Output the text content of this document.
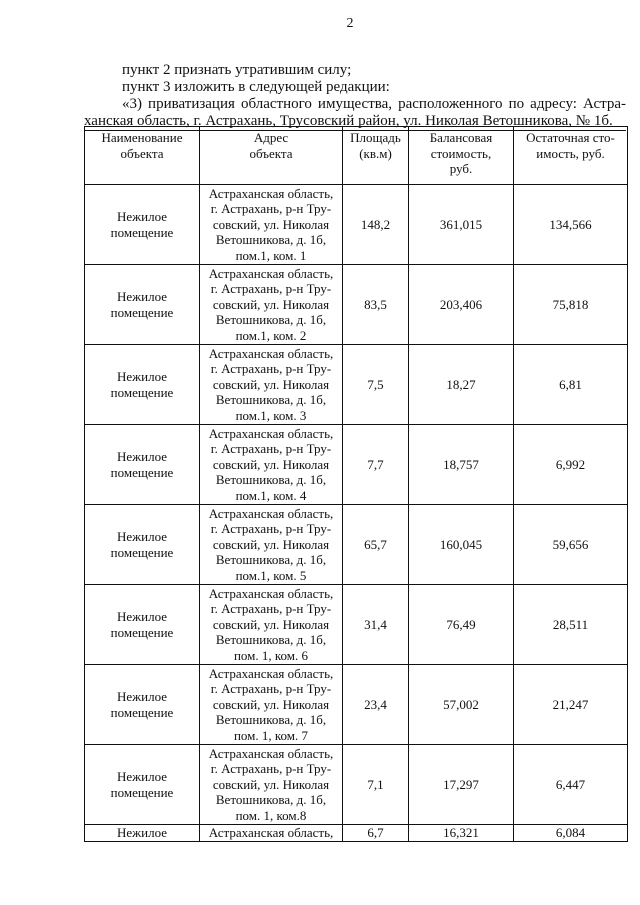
2

пункт 2 признать утратившим силу;

пункт 3 изложить в следующей редакции:

«3) приватизация областного имущества, расположенного по адресу: Астра-

ханская область, г. Астрахань, Трусовский район, ул. Николая Ветошникова, № 1б.

Наименование
объекта	Адрес
объекта	Площадь
(кв.м)	Балансовая
стоимость,
руб.	Остаточная сто-
имость, руб.

Нежилое
помещение	Астраханская область,
г. Астрахань, р-н Тру-
совский, ул. Николая
Ветошникова, д. 1б,
пом.1, ком. 1	148,2	361,015	134,566

Нежилое
помещение	Астраханская область,
г. Астрахань, р-н Тру-
совский, ул. Николая
Ветошникова, д. 1б,
пом.1, ком. 2	83,5	203,406	75,818

Нежилое
помещение	Астраханская область,
г. Астрахань, р-н Тру-
совский, ул. Николая
Ветошникова, д. 1б,
пом.1, ком. 3	7,5	18,27	6,81

Нежилое
помещение	Астраханская область,
г. Астрахань, р-н Тру-
совский, ул. Николая
Ветошникова, д. 1б,
пом.1, ком. 4	7,7	18,757	6,992

Нежилое
помещение	Астраханская область,
г. Астрахань, р-н Тру-
совский, ул. Николая
Ветошникова, д. 1б,
пом.1, ком. 5	65,7	160,045	59,656

Нежилое
помещение	Астраханская область,
г. Астрахань, р-н Тру-
совский, ул. Николая
Ветошникова, д. 1б,
пом. 1, ком. 6	31,4	76,49	28,511

Нежилое
помещение	Астраханская область,
г. Астрахань, р-н Тру-
совский, ул. Николая
Ветошникова, д. 1б,
пом. 1, ком. 7	23,4	57,002	21,247

Нежилое
помещение	Астраханская область,
г. Астрахань, р-н Тру-
совский, ул. Николая
Ветошникова, д. 1б,
пом. 1, ком.8	7,1	17,297	6,447

Нежилое	Астраханская область,	6,7	16,321	6,084
